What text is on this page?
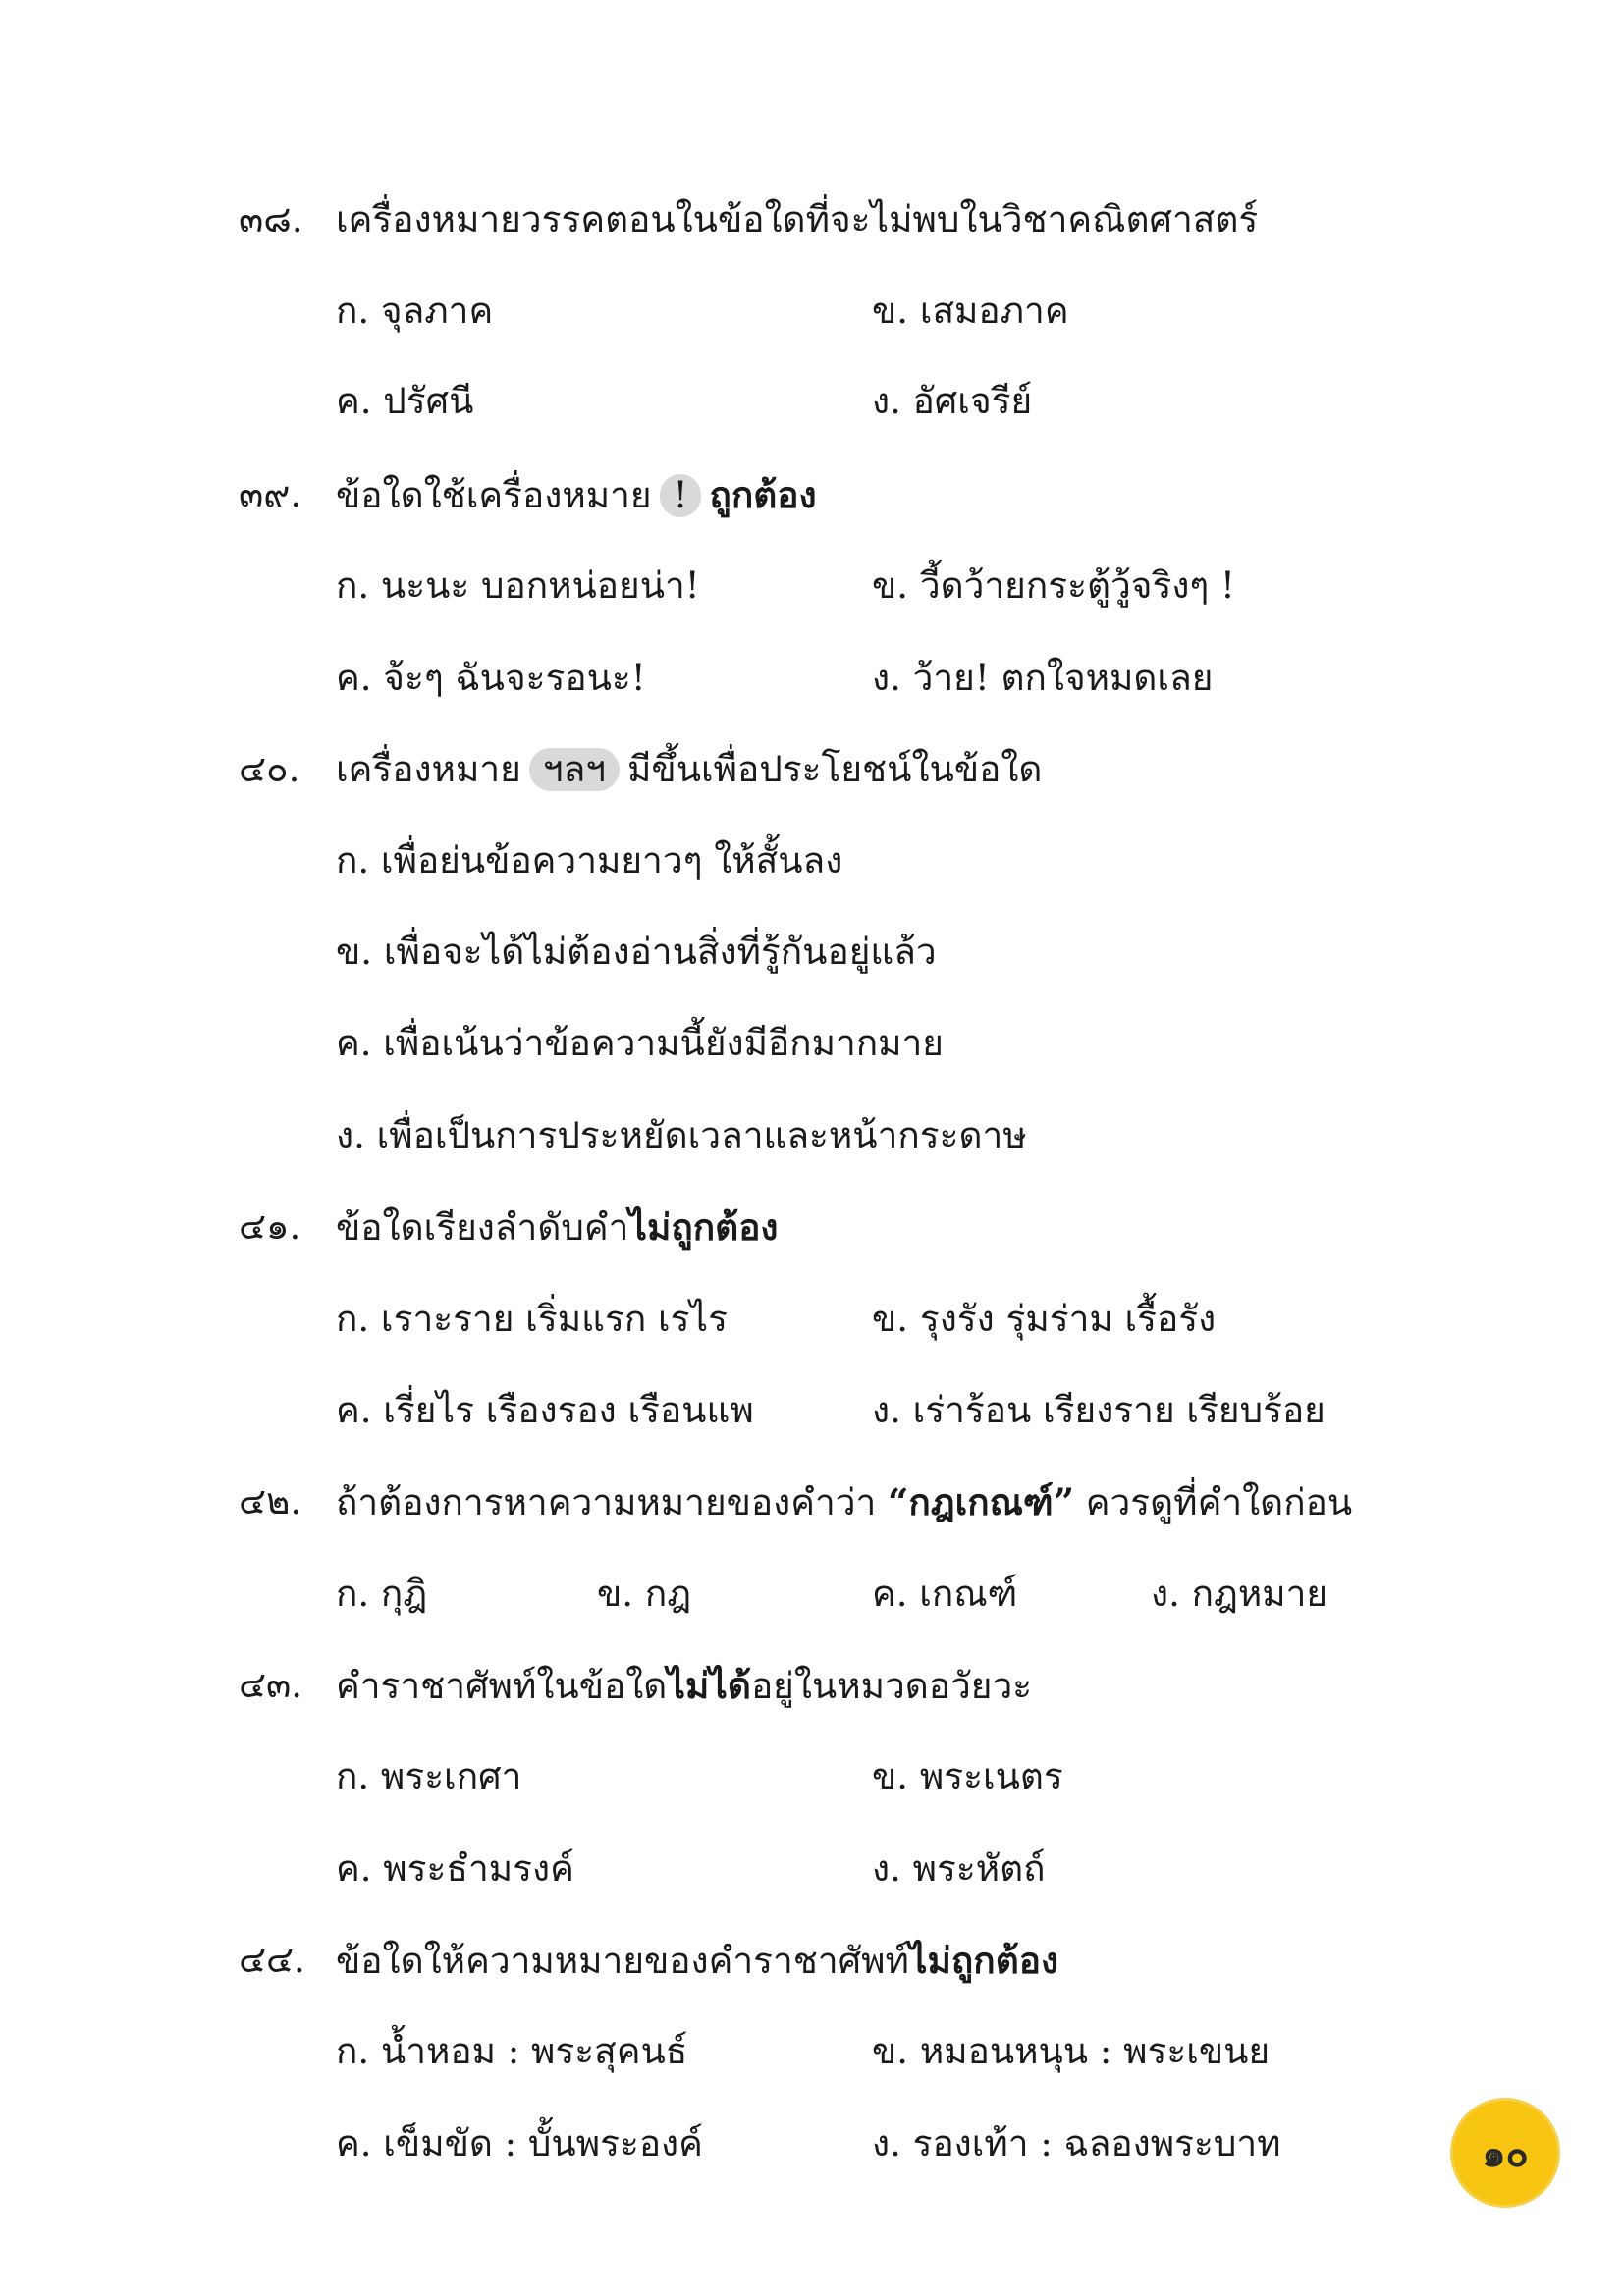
๓๘. เครื่องหมายวรรคตอนในข้อใดที่จะไม่พบในวิชาคณิตศาสตร์
ก. จุลภาค	ข. เสมอภาค
ค. ปรัศนี	ง. อัศเจรีย์
๓๙. ข้อใดใช้เครื่องหมาย ! ถูกต้อง
ก. นะนะ บอกหน่อยน่า!	ข. วี้ดว้ายกระตู้วู้จริงๆ !
ค. จ้ะๆ ฉันจะรอนะ!	ง. ว้าย! ตกใจหมดเลย
๔๐. เครื่องหมาย ฯลฯ มีขึ้นเพื่อประโยชน์ในข้อใด
ก. เพื่อย่นข้อความยาวๆ ให้สั้นลง
ข. เพื่อจะได้ไม่ต้องอ่านสิ่งที่รู้กันอยู่แล้ว
ค. เพื่อเน้นว่าข้อความนี้ยังมีอีกมากมาย
ง. เพื่อเป็นการประหยัดเวลาและหน้ากระดาษ
๔๑. ข้อใดเรียงลำดับคำไม่ถูกต้อง
ก. เราะราย เริ่มแรก เรไร	ข. รุงรัง รุ่มร่าม เรื้อรัง
ค. เรี่ยไร เรืองรอง เรือนแพ	ง. เร่าร้อน เรียงราย เรียบร้อย
๔๒. ถ้าต้องการหาความหมายของคำว่า “กฎเกณฑ์” ควรดูที่คำใดก่อน
ก. กุฎิ	ข. กฎ	ค. เกณฑ์	ง. กฎหมาย
๔๓. คำราชาศัพท์ในข้อใดไม่ได้อยู่ในหมวดอวัยวะ
ก. พระเกศา	ข. พระเนตร
ค. พระธำมรงค์	ง. พระหัตถ์
๔๔. ข้อใดให้ความหมายของคำราชาศัพท์ไม่ถูกต้อง
ก. น้ำหอม : พระสุคนธ์	ข. หมอนหนุน : พระเขนย
ค. เข็มขัด : บั้นพระองค์	ง. รองเท้า : ฉลองพระบาท	๑๐
